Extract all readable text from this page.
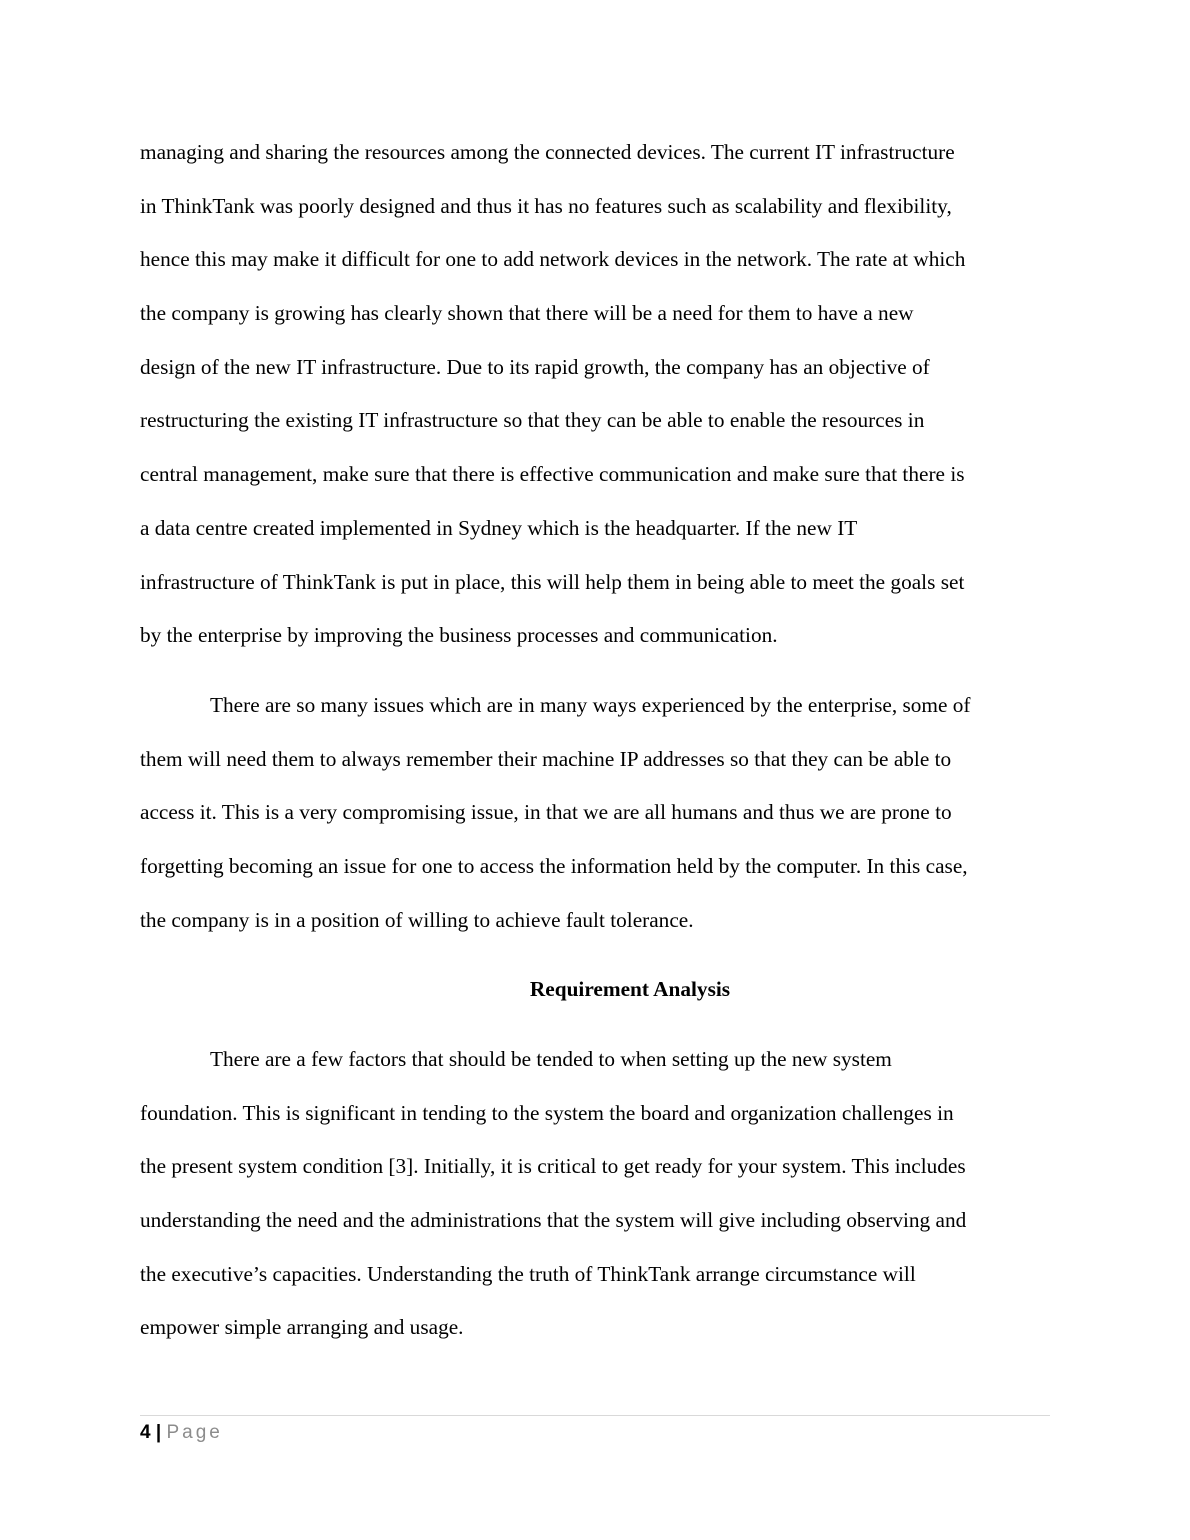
managing and sharing the resources among the connected devices. The current IT infrastructure
in ThinkTank was poorly designed and thus it has no features such as scalability and flexibility,
hence this may make it difficult for one to add network devices in the network. The rate at which
the company is growing has clearly shown that there will be a need for them to have a new
design of the new IT infrastructure. Due to its rapid growth, the company has an objective of
restructuring the existing IT infrastructure so that they can be able to enable the resources in
central management, make sure that there is effective communication and make sure that there is
a data centre created implemented in Sydney which is the headquarter. If the new IT
infrastructure of ThinkTank is put in place, this will help them in being able to meet the goals set
by the enterprise by improving the business processes and communication.
There are so many issues which are in many ways experienced by the enterprise, some of
them will need them to always remember their machine IP addresses so that they can be able to
access it. This is a very compromising issue, in that we are all humans and thus we are prone to
forgetting becoming an issue for one to access the information held by the computer. In this case,
the company is in a position of willing to achieve fault tolerance.
Requirement Analysis
There are a few factors that should be tended to when setting up the new system
foundation. This is significant in tending to the system the board and organization challenges in
the present system condition [3]. Initially, it is critical to get ready for your system. This includes
understanding the need and the administrations that the system will give including observing and
the executive’s capacities. Understanding the truth of ThinkTank arrange circumstance will
empower simple arranging and usage.
4 | Page
